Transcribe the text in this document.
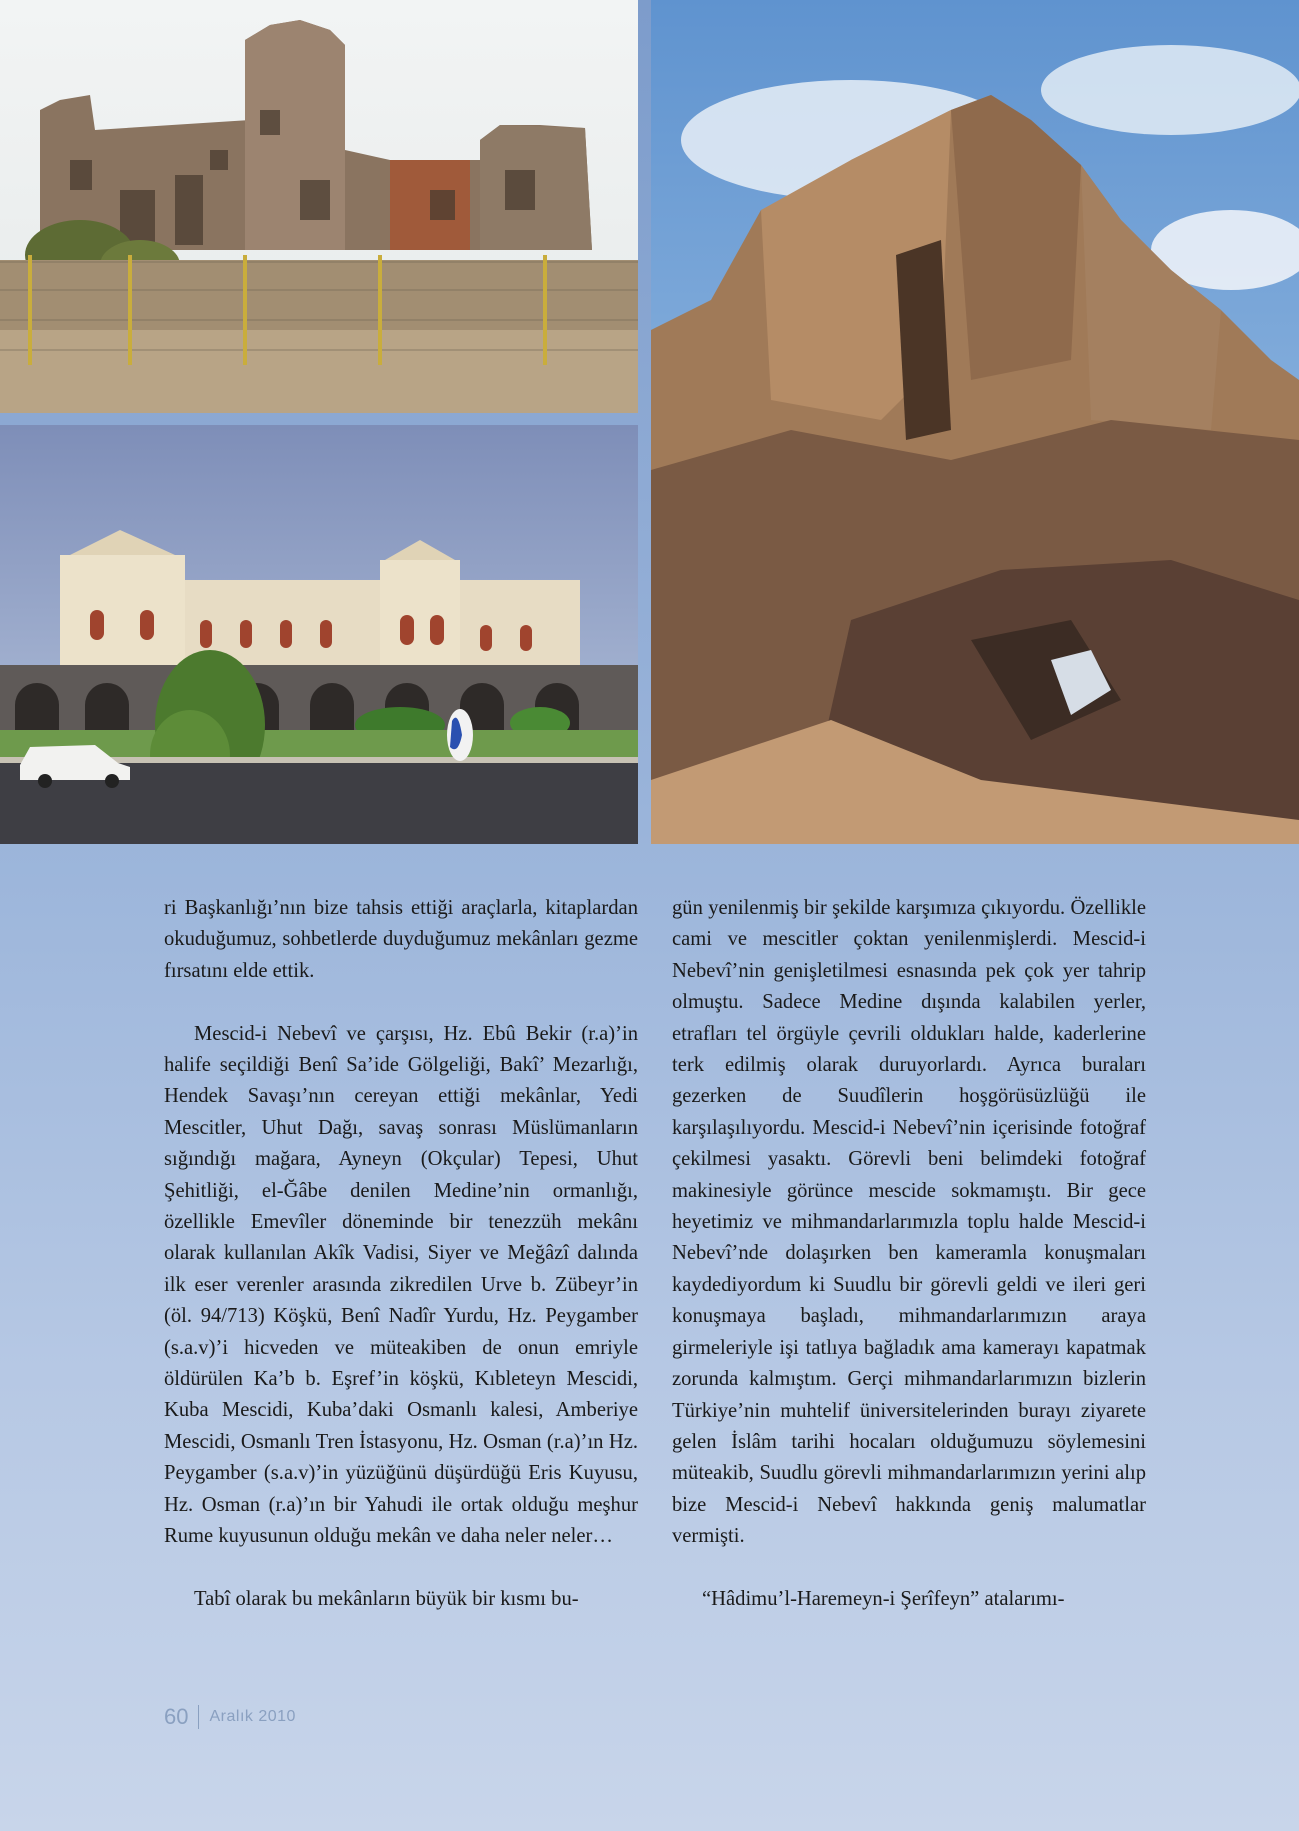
ri Başkanlığı’nın bize tahsis ettiği araçlarla, kitaplardan okuduğumuz, sohbetlerde duyduğumuz mekânları gezme fırsatını elde ettik.

Mescid-i Nebevî ve çarşısı, Hz. Ebû Bekir (r.a)’in halife seçildiği Benî Sa’ide Gölgeliği, Bakî’ Mezarlığı, Hendek Savaşı’nın cereyan ettiği mekânlar, Yedi Mescitler, Uhut Dağı, savaş sonrası Müslümanların sığındığı mağara, Ayneyn (Okçular) Tepesi, Uhut Şehitliği, el-Ğâbe denilen Medine’nin ormanlığı, özellikle Emevîler döneminde bir tenezzüh mekânı olarak kullanılan Akîk Vadisi, Siyer ve Meğâzî dalında ilk eser verenler arasında zikredilen Urve b. Zübeyr’in (öl. 94/713) Köşkü, Benî Nadîr Yurdu, Hz. Peygamber (s.a.v)’i hicveden ve müteakiben de onun emriyle öldürülen Ka’b b. Eşref’in köşkü, Kıbleteyn Mescidi, Kuba Mescidi, Kuba’daki Osmanlı kalesi, Amberiye Mescidi, Osmanlı Tren İstasyonu, Hz. Osman (r.a)’ın Hz. Peygamber (s.a.v)’in yüzüğünü düşürdüğü Eris Kuyusu, Hz. Osman (r.a)’ın bir Yahudi ile ortak olduğu meşhur Rume kuyusunun olduğu mekân ve daha neler neler…

Tabî olarak bu mekânların büyük bir kısmı bu-

gün yenilenmiş bir şekilde karşımıza çıkıyordu. Özellikle cami ve mescitler çoktan yenilenmişlerdi. Mescid-i Nebevî’nin genişletilmesi esnasında pek çok yer tahrip olmuştu. Sadece Medine dışında kalabilen yerler, etrafları tel örgüyle çevrili oldukları halde, kaderlerine terk edilmiş olarak duruyorlardı. Ayrıca buraları gezerken de Suudîlerin hoşgörüsüzlüğü ile karşılaşılıyordu. Mescid-i Nebevî’nin içerisinde fotoğraf çekilmesi yasaktı. Görevli beni belimdeki fotoğraf makinesiyle görünce mescide sokmamıştı. Bir gece heyetimiz ve mihmandarlarımızla toplu halde Mescid-i Nebevî’nde dolaşırken ben kameramla konuşmaları kaydediyordum ki Suudlu bir görevli geldi ve ileri geri konuşmaya başladı, mihmandarlarımızın araya girmeleriyle işi tatlıya bağladık ama kamerayı kapatmak zorunda kalmıştım. Gerçi mihmandarlarımızın bizlerin Türkiye’nin muhtelif üniversitelerinden burayı ziyarete gelen İslâm tarihi hocaları olduğumuzu söylemesini müteakib, Suudlu görevli mihmandarlarımızın yerini alıp bize Mescid-i Nebevî hakkında geniş malumatlar vermişti.

“Hâdimu’l-Haremeyn-i Şerîfeyn” atalarımı-

60 Aralık 2010
